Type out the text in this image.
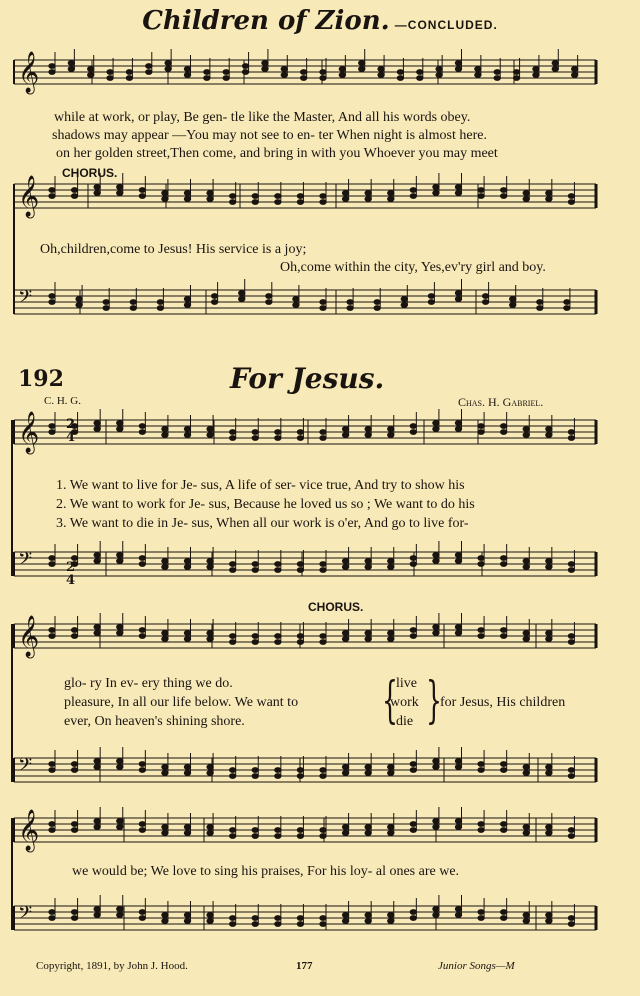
Children of Zion. —CONCLUDED.
𝄞
𝄞
𝄢
𝄞
𝄢
𝄞
𝄢
𝄞
𝄢
while at work, or play, Be gen- tle like the Master, And all his words obey.
shadows may appear —You may not see to en- ter When night is almost here.
on her golden street,Then come, and bring in with you Whoever you may meet
CHORUS.
Oh,children,come to Jesus! His service is a joy;
Oh,come within the city, Yes,ev'ry girl and boy.
192	For Jesus.
C. H. G.	Chas. H. Gabriel.
2
4
2
4
1. We want to live for Je- sus, A life of ser- vice true, And try to show his
2. We want to work for Je- sus, Because he loved us so ; We want to do his
3. We want to die in Je- sus, When all our work is o'er, And go to live for-
CHORUS.
glo- ry In ev- ery thing we do.
pleasure, In all our life below. We want to
ever, On heaven's shining shore.	{
live
work
die }
for Jesus, His children
we would be; We love to sing his praises, For his loy- al ones are we.
Copyright, 1891, by John J. Hood.	177	Junior Songs—M
